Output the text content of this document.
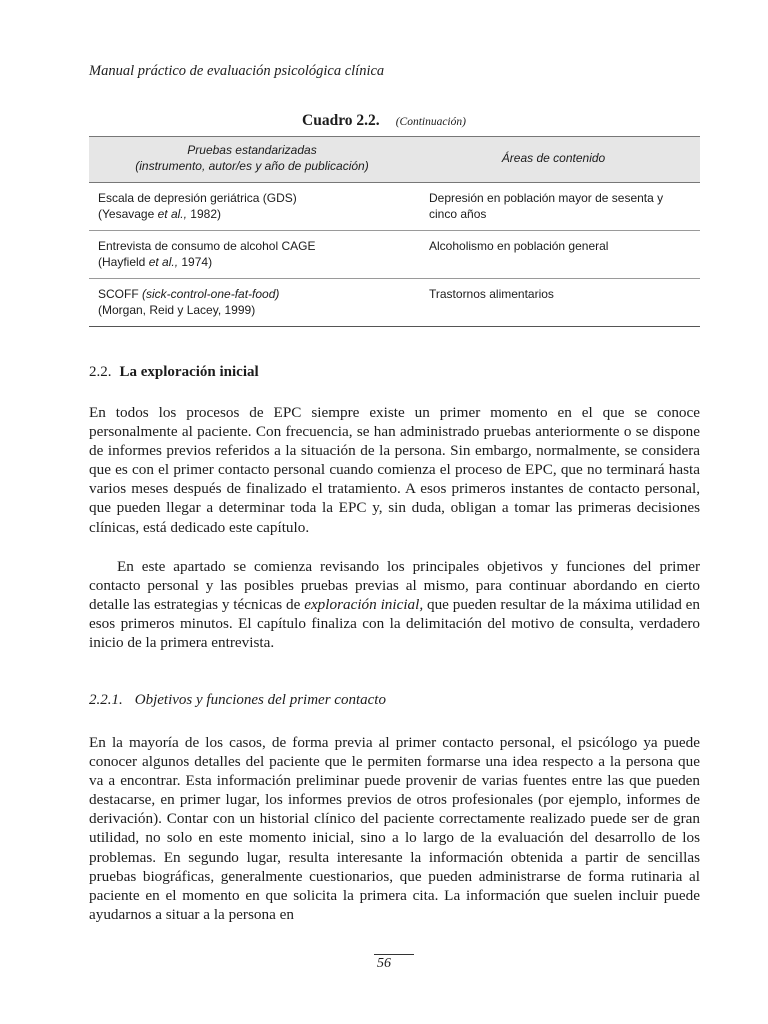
Manual práctico de evaluación psicológica clínica
Cuadro 2.2. (Continuación)
Pruebas estandarizadas
(instrumento, autor/es y año de publicación)	Áreas de contenido

Escala de depresión geriátrica (GDS)
(Yesavage et al., 1982)	Depresión en población mayor de sesenta y cinco años

Entrevista de consumo de alcohol CAGE
(Hayfield et al., 1974)	Alcoholismo en población general

SCOFF (sick-control-one-fat-food)
(Morgan, Reid y Lacey, 1999)	Trastornos alimentarios
2.2. La exploración inicial

En todos los procesos de EPC siempre existe un primer momento en el que se conoce personalmente al paciente. Con frecuencia, se han administrado pruebas anteriormente o se dispone de informes previos referidos a la situación de la persona. Sin embargo, normalmente, se considera que es con el primer contacto personal cuando comienza el proceso de EPC, que no terminará hasta varios meses después de finalizado el tratamiento. A esos primeros instantes de contacto personal, que pueden llegar a determinar toda la EPC y, sin duda, obligan a tomar las primeras decisiones clínicas, está dedicado este capítulo.

En este apartado se comienza revisando los principales objetivos y funciones del primer contacto personal y las posibles pruebas previas al mismo, para continuar abordando en cierto detalle las estrategias y técnicas de exploración inicial, que pueden resultar de la máxima utilidad en esos primeros minutos. El capítulo finaliza con la delimitación del motivo de consulta, verdadero inicio de la primera entrevista.

2.2.1. Objetivos y funciones del primer contacto

En la mayoría de los casos, de forma previa al primer contacto personal, el psicólogo ya puede conocer algunos detalles del paciente que le permiten formarse una idea respecto a la persona que va a encontrar. Esta información preliminar puede provenir de varias fuentes entre las que pueden destacarse, en primer lugar, los informes previos de otros profesionales (por ejemplo, informes de derivación). Contar con un historial clínico del paciente correctamente realizado puede ser de gran utilidad, no solo en este momento inicial, sino a lo largo de la evaluación del desarrollo de los problemas. En segundo lugar, resulta interesante la información obtenida a partir de sencillas pruebas biográficas, generalmente cuestionarios, que pueden administrarse de forma rutinaria al paciente en el momento en que solicita la primera cita. La información que suelen incluir puede ayudarnos a situar a la persona en

56
